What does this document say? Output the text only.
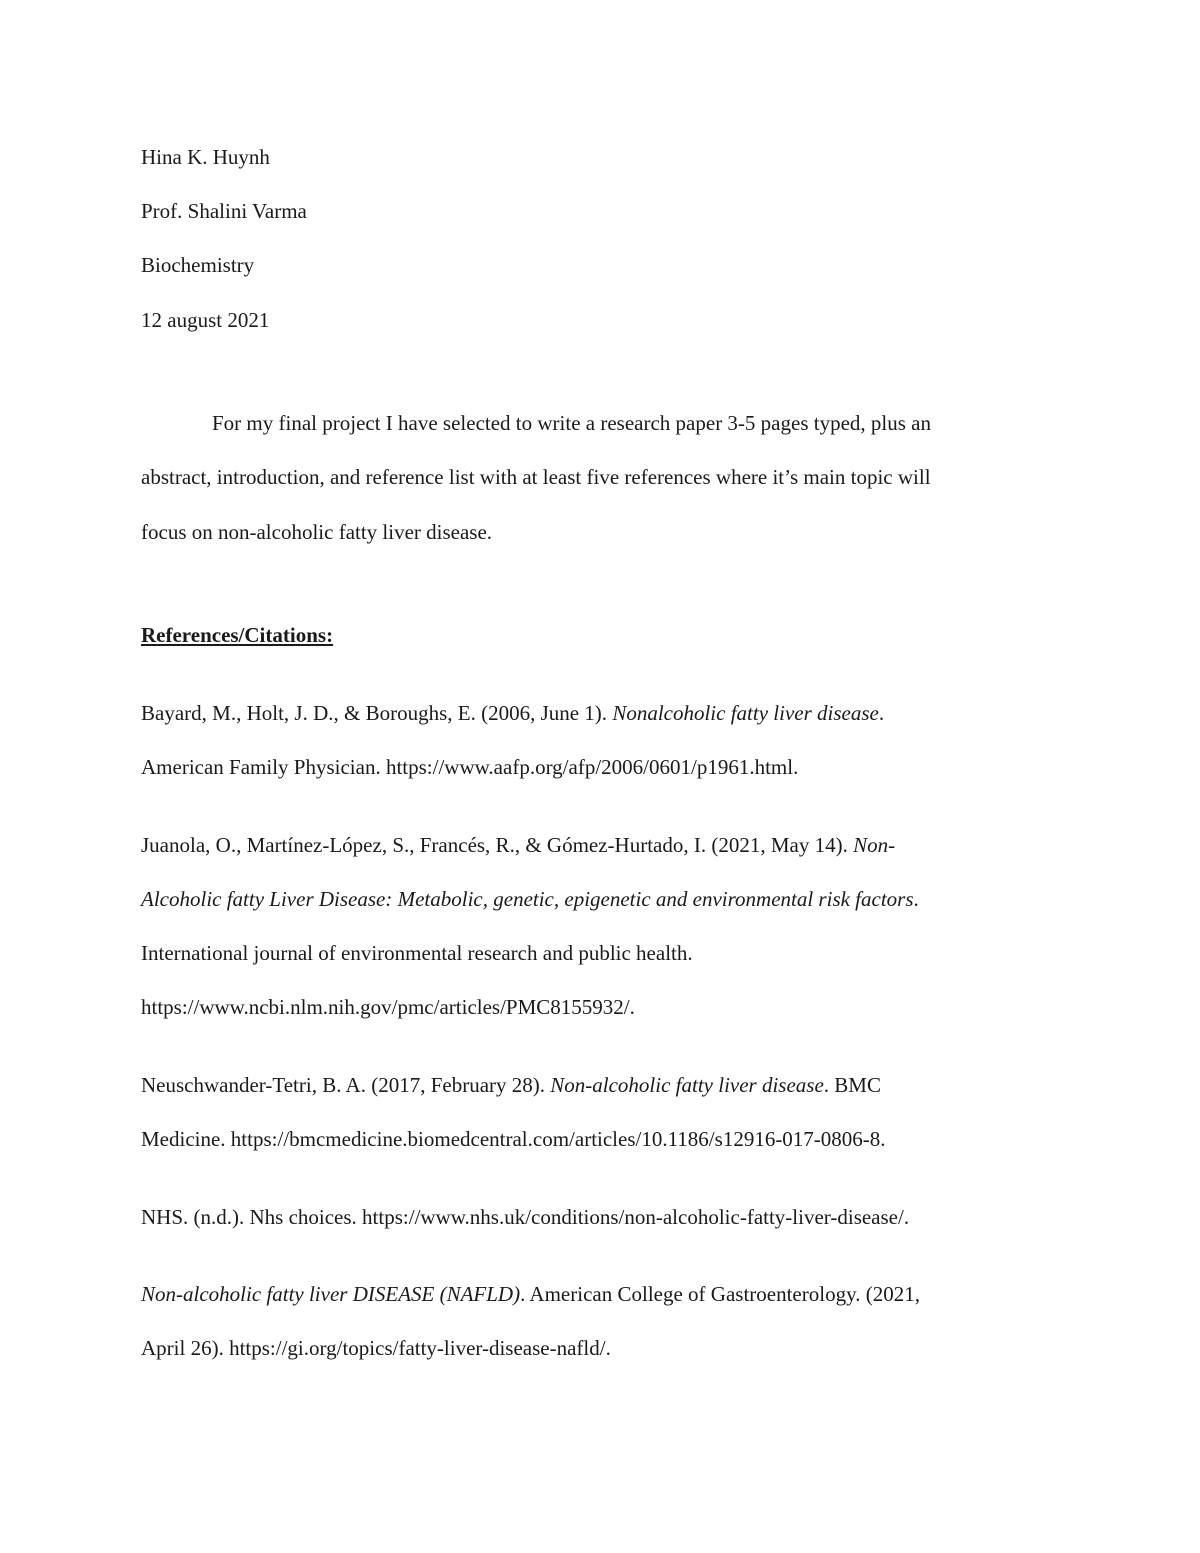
Hina K. Huynh
Prof. Shalini Varma
Biochemistry
12 august 2021
For my final project I have selected to write a research paper 3-5 pages typed, plus an
abstract, introduction, and reference list with at least five references where it’s main topic will
focus on non-alcoholic fatty liver disease.
References/Citations:
Bayard, M., Holt, J. D., & Boroughs, E. (2006, June 1). Nonalcoholic fatty liver disease.
American Family Physician. https://www.aafp.org/afp/2006/0601/p1961.html.
Juanola, O., Martínez-López, S., Francés, R., & Gómez-Hurtado, I. (2021, May 14). Non-
Alcoholic fatty Liver Disease: Metabolic, genetic, epigenetic and environmental risk factors.
International journal of environmental research and public health.
https://www.ncbi.nlm.nih.gov/pmc/articles/PMC8155932/.
Neuschwander-Tetri, B. A. (2017, February 28). Non-alcoholic fatty liver disease. BMC
Medicine. https://bmcmedicine.biomedcentral.com/articles/10.1186/s12916-017-0806-8.
NHS. (n.d.). Nhs choices. https://www.nhs.uk/conditions/non-alcoholic-fatty-liver-disease/.
Non-alcoholic fatty liver DISEASE (NAFLD). American College of Gastroenterology. (2021,
April 26). https://gi.org/topics/fatty-liver-disease-nafld/.
